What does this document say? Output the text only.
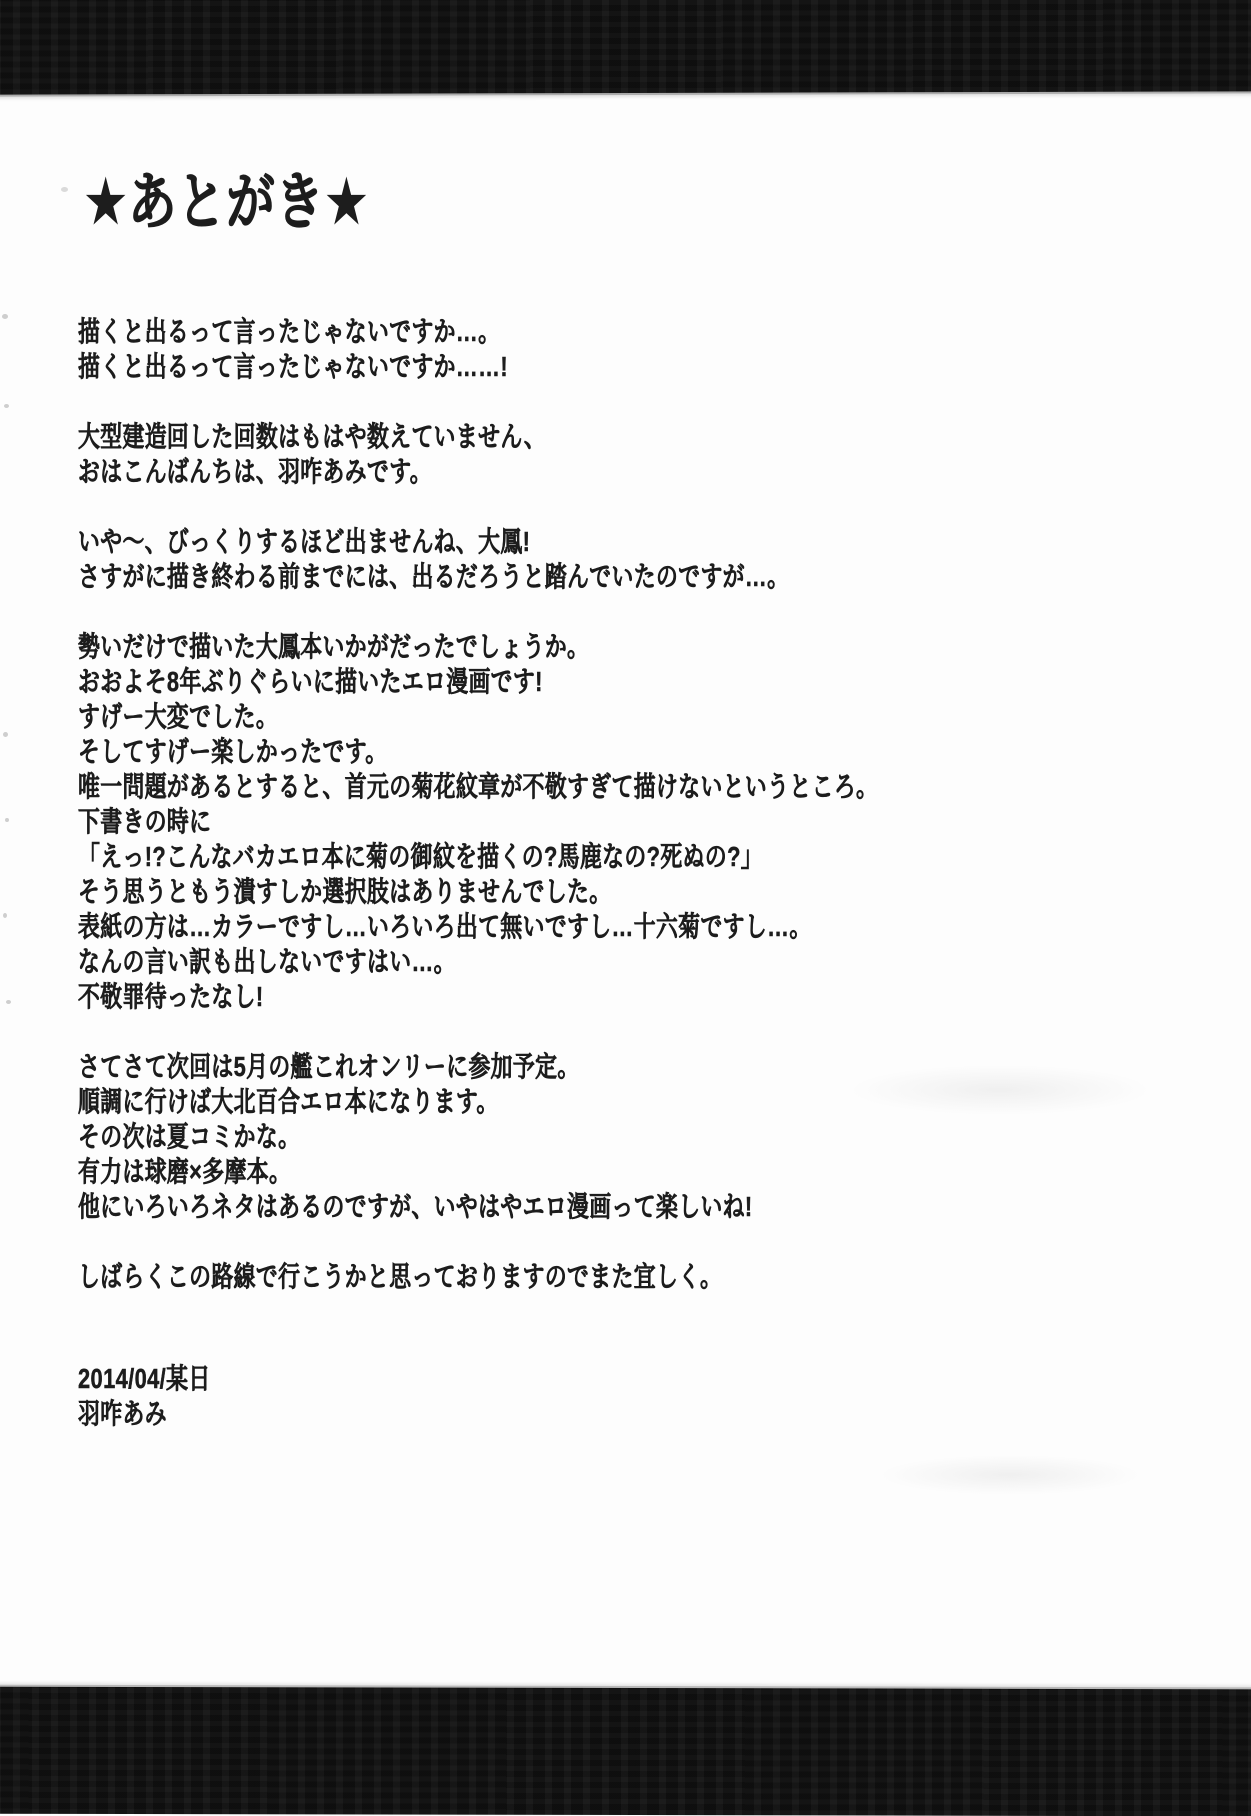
★あとがき★
描くと出るって言ったじゃないですか…。
描くと出るって言ったじゃないですか……!
大型建造回した回数はもはや数えていません、
おはこんばんちは、羽咋あみです。
いや〜、びっくりするほど出ませんね、大鳳!
さすがに描き終わる前までには、出るだろうと踏んでいたのですが…。
勢いだけで描いた大鳳本いかがだったでしょうか。
おおよそ8年ぶりぐらいに描いたエロ漫画です!
すげー大変でした。
そしてすげー楽しかったです。
唯一問題があるとすると、首元の菊花紋章が不敬すぎて描けないというところ。
下書きの時に
「えっ!?こんなバカエロ本に菊の御紋を描くの?馬鹿なの?死ぬの?」
そう思うともう潰すしか選択肢はありませんでした。
表紙の方は…カラーですし…いろいろ出て無いですし…十六菊ですし…。
なんの言い訳も出しないですはい…。
不敬罪待ったなし!
さてさて次回は5月の艦これオンリーに参加予定。
順調に行けば大北百合エロ本になります。
その次は夏コミかな。
有力は球磨×多摩本。
他にいろいろネタはあるのですが、いやはやエロ漫画って楽しいね!
しばらくこの路線で行こうかと思っておりますのでまた宜しく。
2014/04/某日
羽咋あみ
